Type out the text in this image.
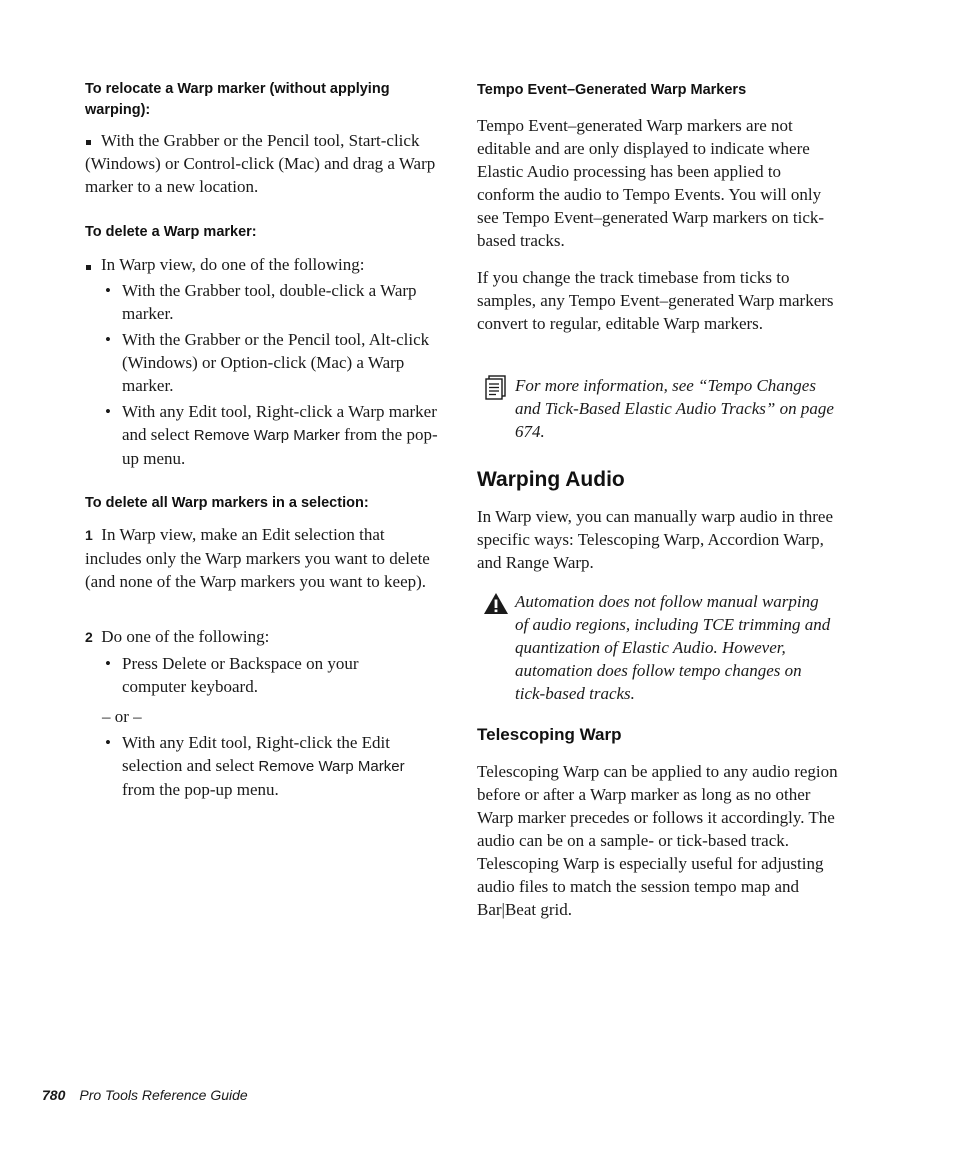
To relocate a Warp marker (without applying warping):

With the Grabber or the Pencil tool, Start-click (Windows) or Control-click (Mac) and drag a Warp marker to a new location.

To delete a Warp marker:

In Warp view, do one of the following:

• With the Grabber tool, double-click a Warp marker.

• With the Grabber or the Pencil tool, Alt-click (Windows) or Option-click (Mac) a Warp marker.

• With any Edit tool, Right-click a Warp marker and select Remove Warp Marker from the pop-up menu.

To delete all Warp markers in a selection:

1 In Warp view, make an Edit selection that includes only the Warp markers you want to delete (and none of the Warp markers you want to keep).

2 Do one of the following:

• Press Delete or Backspace on your computer keyboard.

– or –

• With any Edit tool, Right-click the Edit selection and select Remove Warp Marker from the pop-up menu.

Tempo Event–Generated Warp Markers

Tempo Event–generated Warp markers are not editable and are only displayed to indicate where Elastic Audio processing has been applied to conform the audio to Tempo Events. You will only see Tempo Event–generated Warp markers on tick-based tracks.

If you change the track timebase from ticks to samples, any Tempo Event–generated Warp markers convert to regular, editable Warp markers.

For more information, see “Tempo Changes and Tick-Based Elastic Audio Tracks” on page 674.

Warping Audio

In Warp view, you can manually warp audio in three specific ways: Telescoping Warp, Accordion Warp, and Range Warp.

Automation does not follow manual warping of audio regions, including TCE trimming and quantization of Elastic Audio. However, automation does follow tempo changes on tick-based tracks.

Telescoping Warp

Telescoping Warp can be applied to any audio region before or after a Warp marker as long as no other Warp marker precedes or follows it accordingly. The audio can be on a sample- or tick-based track. Telescoping Warp is especially useful for adjusting audio files to match the session tempo map and Bar|Beat grid.

780 Pro Tools Reference Guide
